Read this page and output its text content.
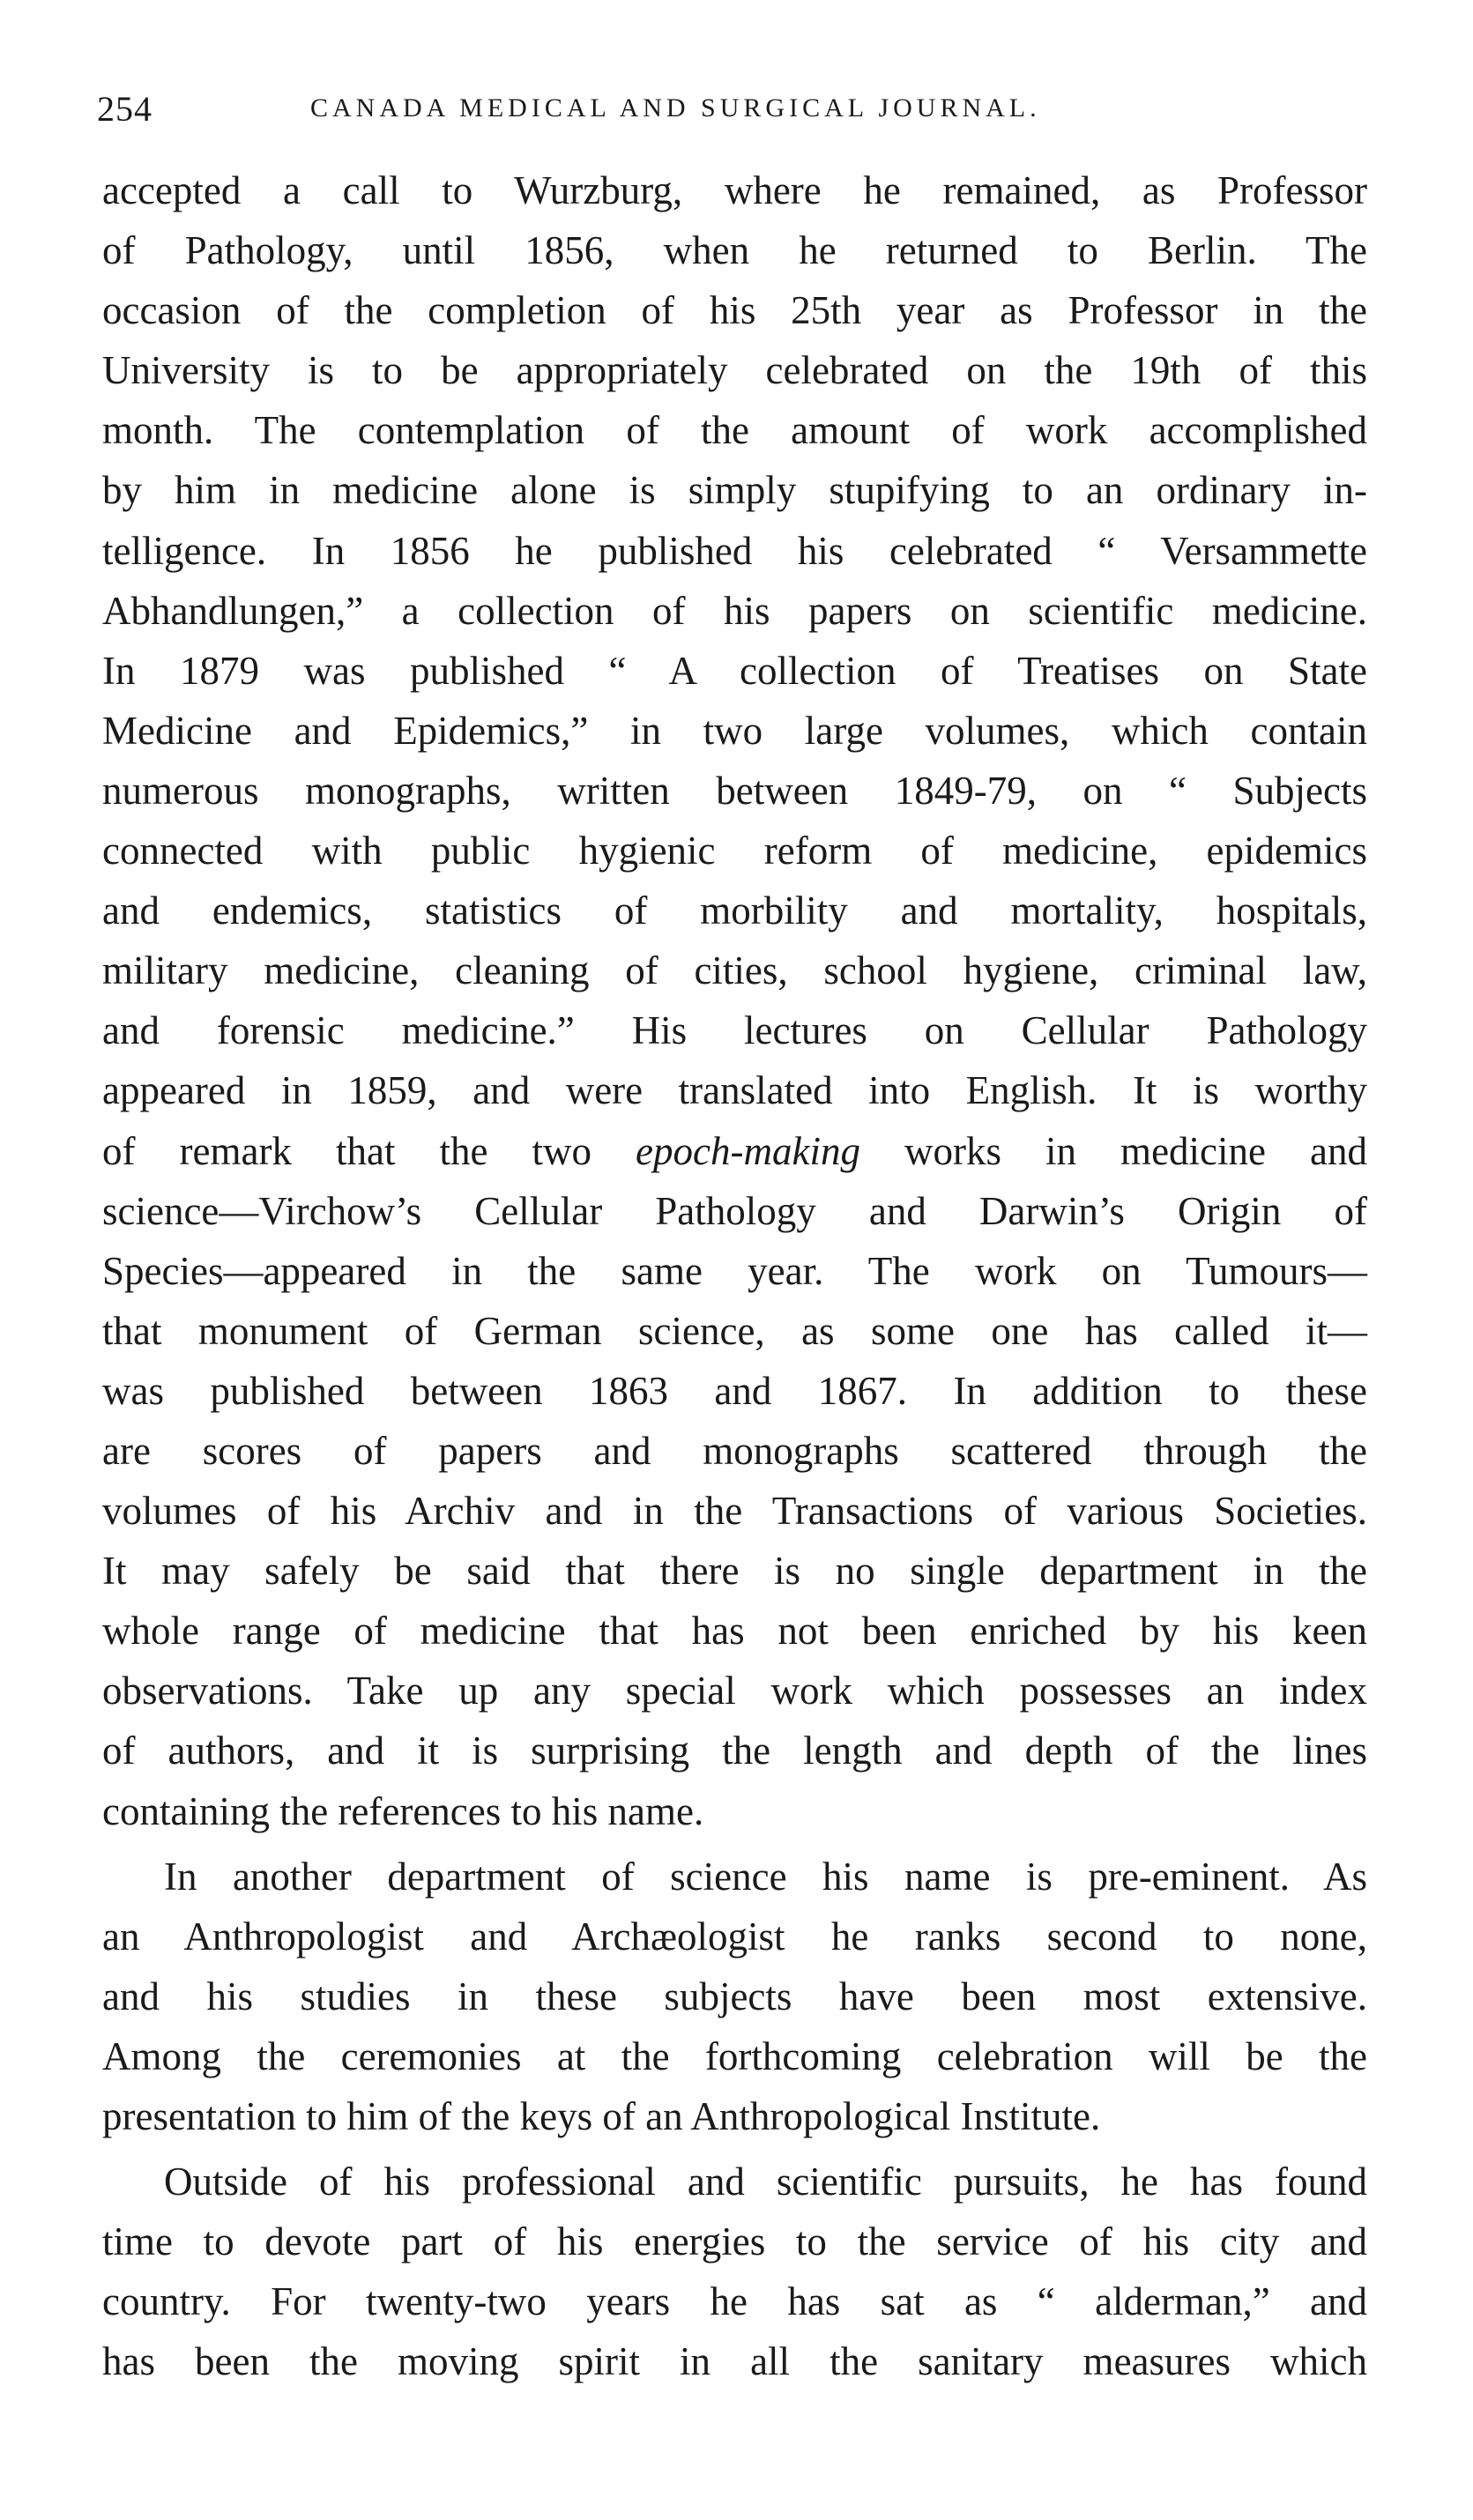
254	CANADA MEDICAL AND SURGICAL JOURNAL.
accepted a call to Wurzburg, where he remained, as Professor
of Pathology, until 1856, when he returned to Berlin. The
occasion of the completion of his 25th year as Professor in the
University is to be appropriately celebrated on the 19th of this
month. The contemplation of the amount of work accomplished
by him in medicine alone is simply stupifying to an ordinary in-
telligence. In 1856 he published his celebrated “ Versammette
Abhandlungen,” a collection of his papers on scientific medicine.
In 1879 was published “ A collection of Treatises on State
Medicine and Epidemics,” in two large volumes, which contain
numerous monographs, written between 1849-79, on “ Subjects
connected with public hygienic reform of medicine, epidemics
and endemics, statistics of morbility and mortality, hospitals,
military medicine, cleaning of cities, school hygiene, criminal law,
and forensic medicine.” His lectures on Cellular Pathology
appeared in 1859, and were translated into English. It is worthy
of remark that the two epoch-making works in medicine and
science—Virchow’s Cellular Pathology and Darwin’s Origin of
Species—appeared in the same year. The work on Tumours—
that monument of German science, as some one has called it—
was published between 1863 and 1867. In addition to these
are scores of papers and monographs scattered through the
volumes of his Archiv and in the Transactions of various Societies.
It may safely be said that there is no single department in the
whole range of medicine that has not been enriched by his keen
observations. Take up any special work which possesses an index
of authors, and it is surprising the length and depth of the lines
containing the references to his name.
In another department of science his name is pre-eminent. As
an Anthropologist and Archæologist he ranks second to none,
and his studies in these subjects have been most extensive.
Among the ceremonies at the forthcoming celebration will be the
presentation to him of the keys of an Anthropological Institute.
Outside of his professional and scientific pursuits, he has found
time to devote part of his energies to the service of his city and
country. For twenty-two years he has sat as “ alderman,” and
has been the moving spirit in all the sanitary measures which
